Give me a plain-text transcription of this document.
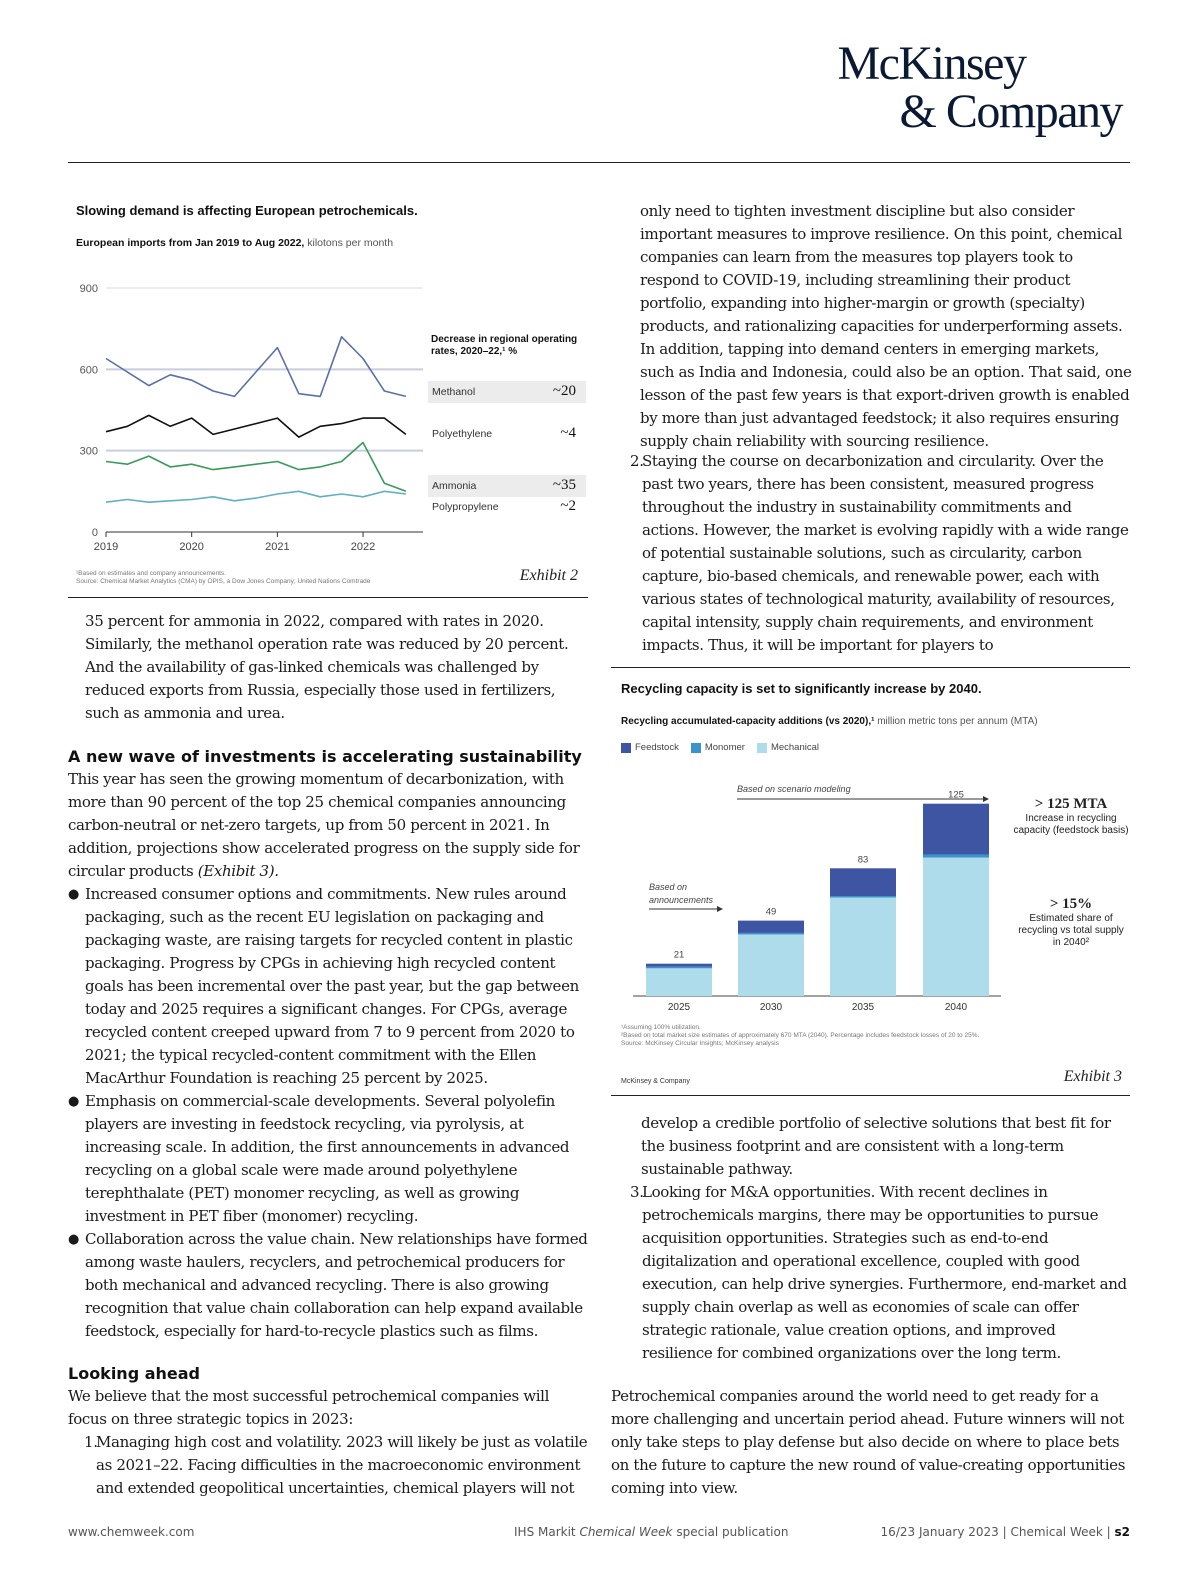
McKinsey
& Company
Slowing demand is affecting European petrochemicals.
European imports from Jan 2019 to Aug 2022, kilotons per month
0
300
600
900
2019	2020	2021	2022
Decrease in regional operating rates, 2020–22,¹ %
Methanol	~20
Polyethylene	~4
Ammonia	~35
Polypropylene	~2
¹Based on estimates and company announcements.
Source: Chemical Market Analytics (CMA) by OPIS, a Dow Jones Company; United Nations Comtrade	Exhibit 2
35 percent for ammonia in 2022, compared with rates in 2020. Similarly, the methanol operation rate was reduced by 20 percent. And the availability of gas-linked chemicals was challenged by reduced exports from Russia, especially those used in fertilizers, such as ammonia and urea.
A new wave of investments is accelerating sustainability
This year has seen the growing momentum of decarbonization, with more than 90 percent of the top 25 chemical companies announcing carbon-neutral or net-zero targets, up from 50 percent in 2021. In addition, projections show accelerated progress on the supply side for circular products (Exhibit 3).
● Increased consumer options and commitments. New rules around packaging, such as the recent EU legislation on packaging and packaging waste, are raising targets for recycled content in plastic packaging. Progress by CPGs in achieving high recycled content goals has been incremental over the past year, but the gap between today and 2025 requires a significant changes. For CPGs, average recycled content creeped upward from 7 to 9 percent from 2020 to 2021; the typical recycled-content commitment with the Ellen MacArthur Foundation is reaching 25 percent by 2025.
● Emphasis on commercial-scale developments. Several polyolefin players are investing in feedstock recycling, via pyrolysis, at increasing scale. In addition, the first announcements in advanced recycling on a global scale were made around polyethylene terephthalate (PET) monomer recycling, as well as growing investment in PET fiber (monomer) recycling.
● Collaboration across the value chain. New relationships have formed among waste haulers, recyclers, and petrochemical producers for both mechanical and advanced recycling. There is also growing recognition that value chain collaboration can help expand available feedstock, especially for hard-to-recycle plastics such as films.
Looking ahead
We believe that the most successful petrochemical companies will focus on three strategic topics in 2023:
1.
Managing high cost and volatility. 2023 will likely be just as volatile as 2021–22. Facing difficulties in the macroeconomic environment and extended geopolitical uncertainties, chemical players will not
only need to tighten investment discipline but also consider important measures to improve resilience. On this point, chemical companies can learn from the measures top players took to respond to COVID-19, including streamlining their product portfolio, expanding into higher-margin or growth (specialty) products, and rationalizing capacities for underperforming assets. In addition, tapping into demand centers in emerging markets, such as India and Indonesia, could also be an option. That said, one lesson of the past few years is that export-driven growth is enabled by more than just advantaged feedstock; it also requires ensuring supply chain reliability with sourcing resilience.
2.
Staying the course on decarbonization and circularity. Over the past two years, there has been consistent, measured progress throughout the industry in sustainability commitments and actions. However, the market is evolving rapidly with a wide range of potential sustainable solutions, such as circularity, carbon capture, bio-based chemicals, and renewable power, each with various states of technological maturity, availability of resources, capital intensity, supply chain requirements, and environment impacts. Thus, it will be important for players to
Recycling capacity is set to significantly increase by 2040.
Recycling accumulated-capacity additions (vs 2020),¹ million metric tons per annum (MTA)
Feedstock	Monomer	Mechanical
21
2025
49
2030
83
2035
125
2040
Based on scenario modeling
Based on
announcements
> 125 MTA
Increase in recycling capacity (feedstock basis)
> 15%
Estimated share of recycling vs total supply in 2040²
¹Assuming 100% utilization.
²Based on total market size estimates of approximately 670 MTA (2040). Percentage includes feedstock losses of 20 to 25%.
Source: McKinsey Circular Insights; McKinsey analysis
McKinsey & Company	Exhibit 3
develop a credible portfolio of selective solutions that best fit for the business footprint and are consistent with a long-term sustainable pathway.
3.
Looking for M&A opportunities. With recent declines in petrochemicals margins, there may be opportunities to pursue acquisition opportunities. Strategies such as end-to-end digitalization and operational excellence, coupled with good execution, can help drive synergies. Furthermore, end-market and supply chain overlap as well as economies of scale can offer strategic rationale, value creation options, and improved resilience for combined organizations over the long term.
Petrochemical companies around the world need to get ready for a more challenging and uncertain period ahead. Future winners will not only take steps to play defense but also decide on where to place bets on the future to capture the new round of value-creating opportunities coming into view.
www.chemweek.com	IHS Markit Chemical Week special publication	16/23 January 2023 | Chemical Week | s2
